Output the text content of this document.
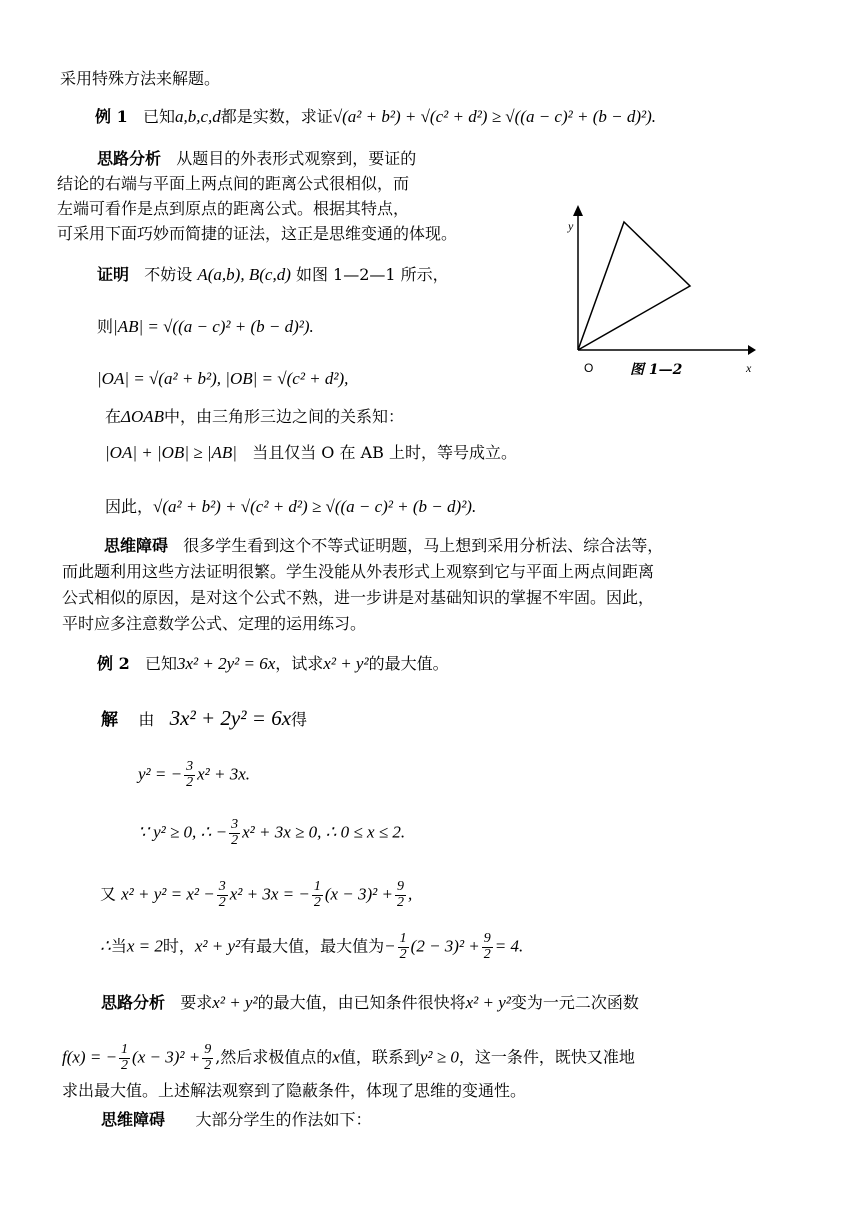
采用特殊方法来解题。
例 1 已知a,b,c,d都是实数，求证√(a² + b²) + √(c² + d²) ≥ √((a − c)² + (b − d)²).
思路分析 从题目的外表形式观察到，要证的
结论的右端与平面上两点间的距离公式很相似，而
左端可看作是点到原点的距离公式。根据其特点，
可采用下面巧妙而简捷的证法，这正是思维变通的体现。	y
x
O	图 1—2
证明 不妨设 A(a,b), B(c,d) 如图 1—2—1 所示，
则|AB| = √((a − c)² + (b − d)²).
|OA| = √(a² + b²), |OB| = √(c² + d²),
在ΔOAB中，由三角形三边之间的关系知：
|OA| + |OB| ≥ |AB| 当且仅当 O 在 AB 上时，等号成立。
因此，√(a² + b²) + √(c² + d²) ≥ √((a − c)² + (b − d)²).
思维障碍 很多学生看到这个不等式证明题，马上想到采用分析法、综合法等，
而此题利用这些方法证明很繁。学生没能从外表形式上观察到它与平面上两点间距离
公式相似的原因，是对这个公式不熟，进一步讲是对基础知识的掌握不牢固。因此，
平时应多注意数学公式、定理的运用练习。
例 2 已知3x² + 2y² = 6x，试求x² + y²的最大值。
解 由 3x² + 2y² = 6x得
y² = − $\frac{3}{2} x^2 + 3x$.
∵ y² ≥ 0, ∴ − $\frac{3}{2} x^2 + 3x \ge 0$, ∴ 0 ≤ x ≤ 2.
又 $x^2 + y^2 = x^2 - \frac{3}{2} x^2 + 3x$ = − $\frac{1}{2} (x - 3)^2 + \frac{9}{2}$ ,
∴当x = 2时，x² + y²有最大值，最大值为− $\frac{1}{2} (2 - 3)^2 + \frac{9}{2} = 4$.
思路分析 要求x² + y²的最大值，由已知条件很快将x² + y²变为一元二次函数
f(x) = − $\frac{1}{2} (x - 3)^2 + \frac{9}{2}$ ,然后求极值点的x值，联系到y² ≥ 0，这一条件，既快又准地
求出最大值。上述解法观察到了隐蔽条件，体现了思维的变通性。
思维障碍 大部分学生的作法如下：
